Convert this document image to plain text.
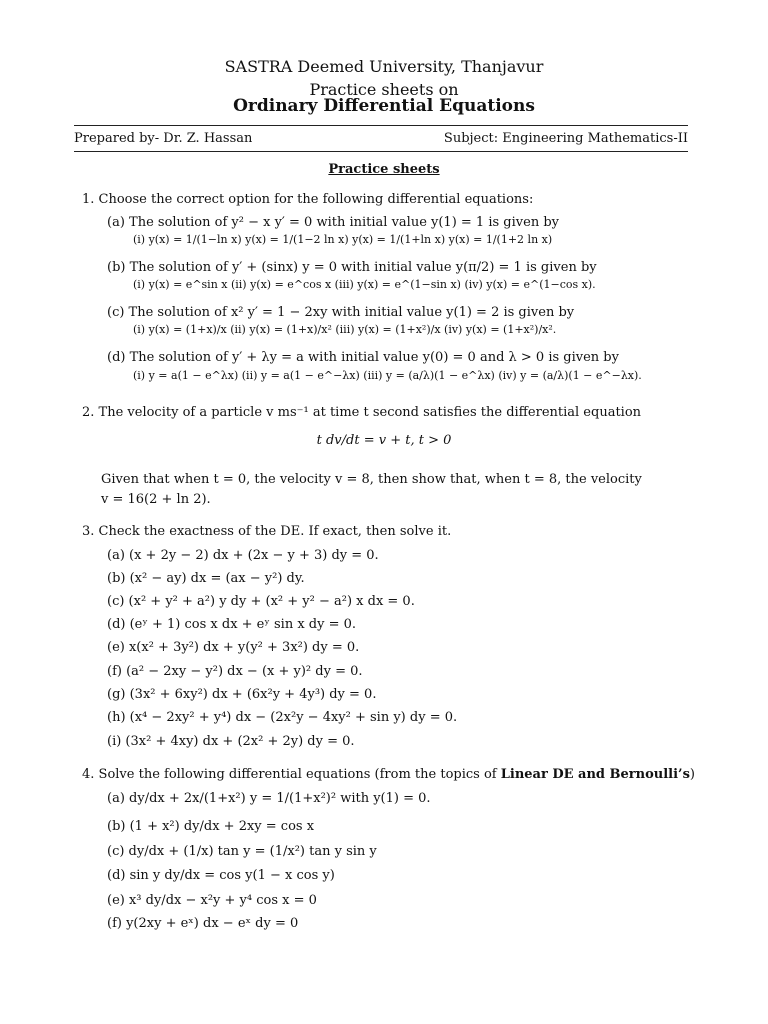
SASTRA Deemed University, Thanjavur
Practice sheets on
Ordinary Differential Equations
Prepared by- Dr. Z. Hassan	Subject: Engineering Mathematics-II
Practice sheets
1. Choose the correct option for the following differential equations:
(a) The solution of y² − x y′ = 0 with initial value y(1) = 1 is given by
(i) y(x) = 1/(1−ln x) y(x) = 1/(1−2 ln x) y(x) = 1/(1+ln x) y(x) = 1/(1+2 ln x)
(b) The solution of y′ + (sinx) y = 0 with initial value y(π/2) = 1 is given by
(i) y(x) = e^sin x (ii) y(x) = e^cos x (iii) y(x) = e^(1−sin x) (iv) y(x) = e^(1−cos x).
(c) The solution of x² y′ = 1 − 2xy with initial value y(1) = 2 is given by
(i) y(x) = (1+x)/x (ii) y(x) = (1+x)/x² (iii) y(x) = (1+x²)/x (iv) y(x) = (1+x²)/x².
(d) The solution of y′ + λy = a with initial value y(0) = 0 and λ > 0 is given by
(i) y = a(1 − e^λx) (ii) y = a(1 − e^−λx) (iii) y = (a/λ)(1 − e^λx) (iv) y = (a/λ)(1 − e^−λx).
2. The velocity of a particle v ms⁻¹ at time t second satisfies the differential equation
t dv/dt = v + t, t > 0
Given that when t = 0, the velocity v = 8, then show that, when t = 8, the velocity
v = 16(2 + ln 2).
3. Check the exactness of the DE. If exact, then solve it.
(a) (x + 2y − 2) dx + (2x − y + 3) dy = 0.
(b) (x² − ay) dx = (ax − y²) dy.
(c) (x² + y² + a²) y dy + (x² + y² − a²) x dx = 0.
(d) (eʸ + 1) cos x dx + eʸ sin x dy = 0.
(e) x(x² + 3y²) dx + y(y² + 3x²) dy = 0.
(f) (a² − 2xy − y²) dx − (x + y)² dy = 0.
(g) (3x² + 6xy²) dx + (6x²y + 4y³) dy = 0.
(h) (x⁴ − 2xy² + y⁴) dx − (2x²y − 4xy² + sin y) dy = 0.
(i) (3x² + 4xy) dx + (2x² + 2y) dy = 0.
4. Solve the following differential equations (from the topics of Linear DE and Bernoulli’s)
(a) dy/dx + 2x/(1+x²) y = 1/(1+x²)² with y(1) = 0.
(b) (1 + x²) dy/dx + 2xy = cos x
(c) dy/dx + (1/x) tan y = (1/x²) tan y sin y
(d) sin y dy/dx = cos y(1 − x cos y)
(e) x³ dy/dx − x²y + y⁴ cos x = 0
(f) y(2xy + eˣ) dx − eˣ dy = 0
